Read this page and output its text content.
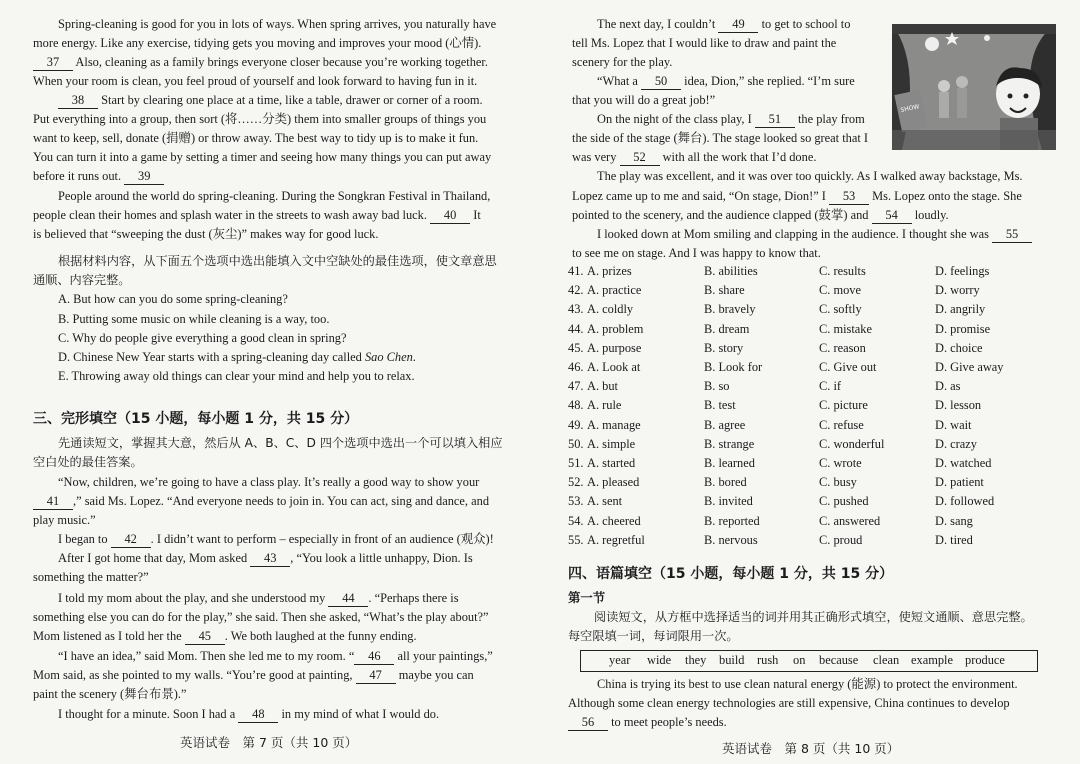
Spring-cleaning is good for you in lots of ways. When spring arrives, you naturally have
more energy. Like any exercise, tidying gets you moving and improves your mood (心情).
37 Also, cleaning as a family brings everyone closer because you’re working together.
When your room is clean, you feel proud of yourself and look forward to having fun in it.
38 Start by clearing one place at a time, like a table, drawer or corner of a room.
Put everything into a group, then sort (将……分类) them into smaller groups of things you
want to keep, sell, donate (捐赠) or throw away. The best way to tidy up is to make it fun.
You can turn it into a game by setting a timer and seeing how many things you can put away
before it runs out. 39
People around the world do spring-cleaning. During the Songkran Festival in Thailand,
people clean their homes and splash water in the streets to wash away bad luck. 40 It
is believed that “sweeping the dust (灰尘)” makes way for good luck.
根据材料内容，从下面五个选项中选出能填入文中空缺处的最佳选项，使文章意思
通顺、内容完整。
A. But how can you do some spring-cleaning?
B. Putting some music on while cleaning is a way, too.
C. Why do people give everything a good clean in spring?
D. Chinese New Year starts with a spring-cleaning day called Sao Chen.
E. Throwing away old things can clear your mind and help you to relax.
三、完形填空（15 小题，每小题 1 分，共 15 分）
先通读短文，掌握其大意，然后从 A、B、C、D 四个选项中选出一个可以填入相应
空白处的最佳答案。
“Now, children, we’re going to have a class play. It’s really a good way to show your
41 ,” said Ms. Lopez. “And everyone needs to join in. You can act, sing and dance, and
play music.”
I began to 42 . I didn’t want to perform – especially in front of an audience (观众)!
After I got home that day, Mom asked 43 , “You look a little unhappy, Dion. Is
something the matter?”
I told my mom about the play, and she understood my 44 . “Perhaps there is
something else you can do for the play,” she said. Then she asked, “What’s the play about?”
Mom listened as I told her the 45 . We both laughed at the funny ending.
“I have an idea,” said Mom. Then she led me to my room. “ 46 all your paintings,”
Mom said, as she pointed to my walls. “You’re good at painting, 47 maybe you can
paint the scenery (舞台布景).”
I thought for a minute. Soon I had a 48 in my mind of what I would do.
英语试卷　第 7 页（共 10 页）
The next day, I couldn’t 49 to get to school to
tell Ms. Lopez that I would like to draw and paint the
scenery for the play.
“What a 50 idea, Dion,” she replied. “I’m sure
that you will do a great job!”
On the night of the class play, I 51 the play from
the side of the stage (舞台). The stage looked so great that I
was very 52 with all the work that I’d done.
The play was excellent, and it was over too quickly. As I walked away backstage, Ms.
Lopez came up to me and said, “On stage, Dion!” I 53 Ms. Lopez onto the stage. She
pointed to the scenery, and the audience clapped (鼓掌) and 54 loudly.
I looked down at Mom smiling and clapping in the audience. I thought she was 55
to see me on stage. And I was happy to know that.
41. A. prizes	B. abilities	C. results	D. feelings
42. A. practice	B. share	C. move	D. worry
43. A. coldly	B. bravely	C. softly	D. angrily
44. A. problem	B. dream	C. mistake	D. promise
45. A. purpose	B. story	C. reason	D. choice
46. A. Look at	B. Look for	C. Give out	D. Give away
47. A. but	B. so	C. if	D. as
48. A. rule	B. test	C. picture	D. lesson
49. A. manage	B. agree	C. refuse	D. wait
50. A. simple	B. strange	C. wonderful	D. crazy
51. A. started	B. learned	C. wrote	D. watched
52. A. pleased	B. bored	C. busy	D. patient
53. A. sent	B. invited	C. pushed	D. followed
54. A. cheered	B. reported	C. answered	D. sang
55. A. regretful	B. nervous	C. proud	D. tired
四、语篇填空（15 小题，每小题 1 分，共 15 分）
第一节
阅读短文，从方框中选择适当的词并用其正确形式填空，使短文通顺、意思完整。
每空限填一词，每词限用一次。
China is trying its best to use clean natural energy (能源) to protect the environment.
Although some clean energy technologies are still expensive, China continues to develop
56 to meet people’s needs.
英语试卷　第 8 页（共 10 页）
year wide they build rush on because clean example produce
SHOW
